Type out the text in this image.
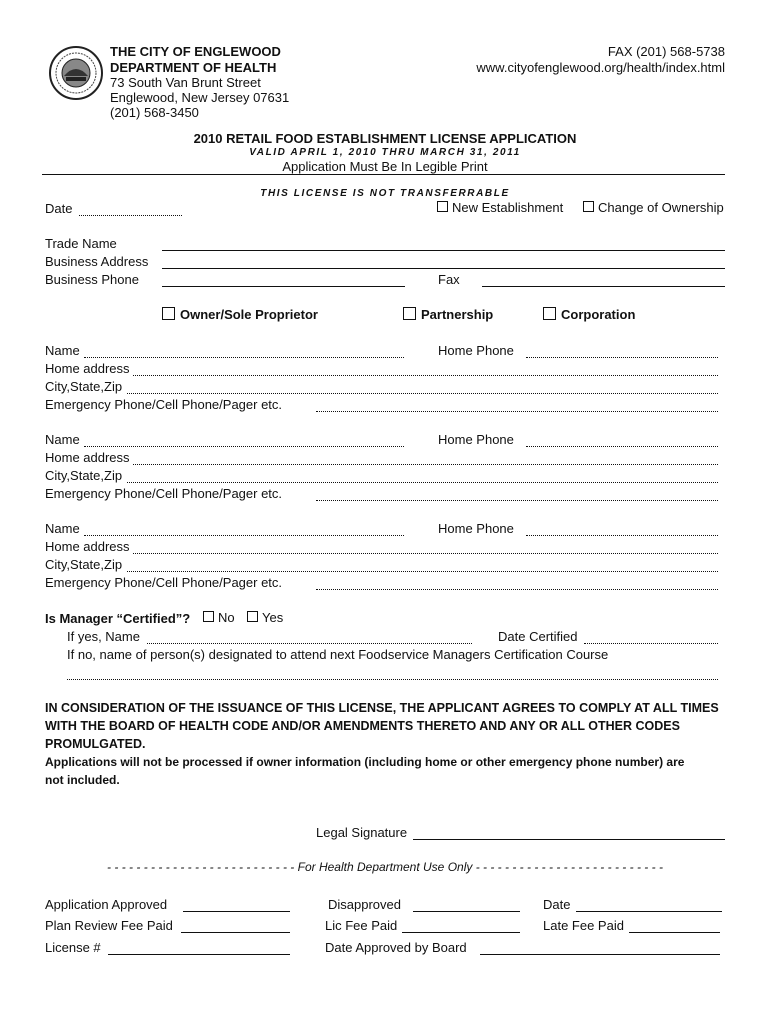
THE CITY OF ENGLEWOOD
DEPARTMENT OF HEALTH
73 South Van Brunt Street
Englewood, New Jersey 07631
(201) 568-3450
FAX (201) 568-5738
www.cityofenglewood.org/health/index.html
2010 RETAIL FOOD ESTABLISHMENT LICENSE APPLICATION
VALID APRIL 1, 2010 THRU MARCH 31, 2011
Application Must Be In Legible Print
THIS LICENSE IS NOT TRANSFERRABLE
Date	New Establishment	Change of Ownership
Trade Name
Business Address
Business Phone	Fax
Owner/Sole Proprietor	Partnership	Corporation
Name	Home Phone
Home address
City,State,Zip
Emergency Phone/Cell Phone/Pager etc.
Name	Home Phone
Home address
City,State,Zip
Emergency Phone/Cell Phone/Pager etc.
Name	Home Phone
Home address
City,State,Zip
Emergency Phone/Cell Phone/Pager etc.
Is Manager “Certified”?	No	Yes
If yes, Name	Date Certified
If no, name of person(s) designated to attend next Foodservice Managers Certification Course
IN CONSIDERATION OF THE ISSUANCE OF THIS LICENSE, THE APPLICANT AGREES TO COMPLY AT ALL TIMES
WITH THE BOARD OF HEALTH CODE AND/OR AMENDMENTS THERETO AND ANY OR ALL OTHER CODES
PROMULGATED.
Applications will not be processed if owner information (including home or other emergency phone number) are
not included.
Legal Signature
- - - - - - - - - - - - - - - - - - - - - - - - - - For Health Department Use Only - - - - - - - - - - - - - - - - - - - - - - - - - -
Application Approved	Disapproved	Date
Plan Review Fee Paid	Lic Fee Paid	Late Fee Paid
License #	Date Approved by Board
